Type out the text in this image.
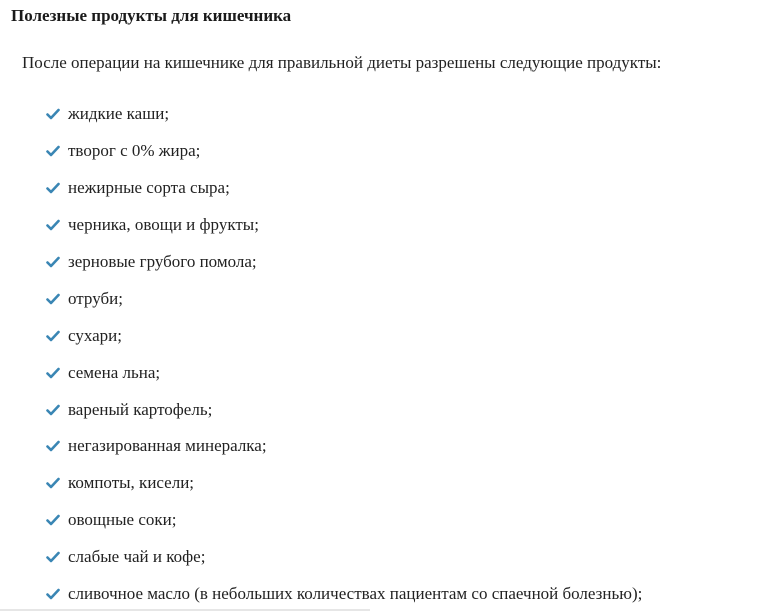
Полезные продукты для кишечника
После операции на кишечнике для правильной диеты разрешены следующие продукты:
жидкие каши;
творог с 0% жира;
нежирные сорта сыра;
черника, овощи и фрукты;
зерновые грубого помола;
отруби;
сухари;
семена льна;
вареный картофель;
негазированная минералка;
компоты, кисели;
овощные соки;
слабые чай и кофе;
сливочное масло (в небольших количествах пациентам со спаечной болезнью);
